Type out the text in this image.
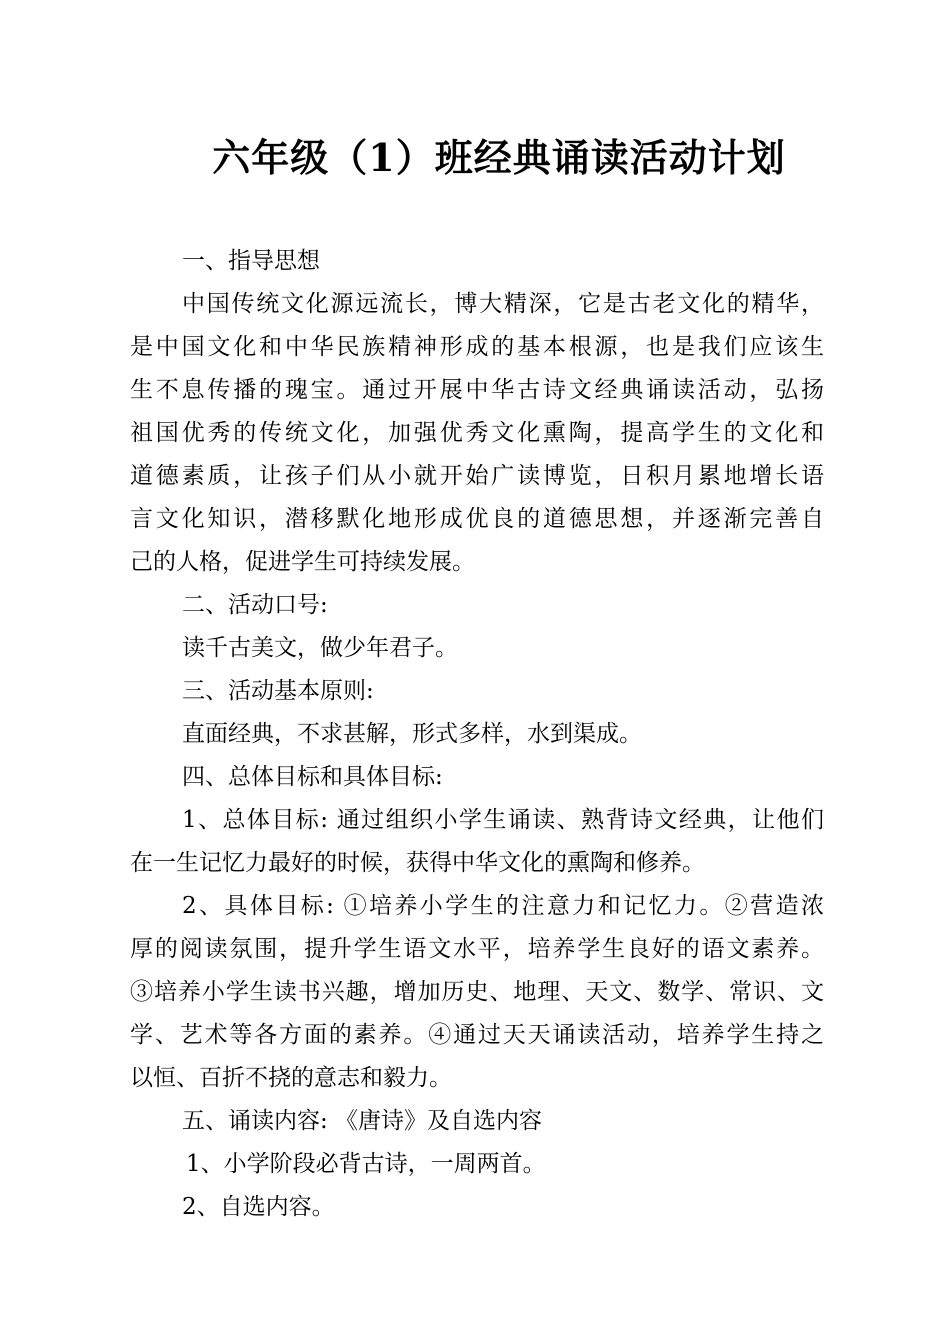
六年级（1）班经典诵读活动计划
一、指导思想
中国传统文化源远流长，博大精深，它是古老文化的精华，
是中国文化和中华民族精神形成的基本根源，也是我们应该生
生不息传播的瑰宝。通过开展中华古诗文经典诵读活动，弘扬
祖国优秀的传统文化，加强优秀文化熏陶，提高学生的文化和
道德素质，让孩子们从小就开始广读博览，日积月累地增长语
言文化知识，潜移默化地形成优良的道德思想，并逐渐完善自
己的人格，促进学生可持续发展。
二、活动口号:
读千古美文，做少年君子。
三、活动基本原则:
直面经典，不求甚解，形式多样，水到渠成。
四、总体目标和具体目标:
1、总体目标: 通过组织小学生诵读、熟背诗文经典，让他们
在一生记忆力最好的时候，获得中华文化的熏陶和修养。
2、具体目标: ①培养小学生的注意力和记忆力。②营造浓
厚的阅读氛围，提升学生语文水平，培养学生良好的语文素养。
③培养小学生读书兴趣，增加历史、地理、天文、数学、常识、文
学、艺术等各方面的素养。④通过天天诵读活动，培养学生持之
以恒、百折不挠的意志和毅力。
五、诵读内容: 《唐诗》及自选内容
1、小学阶段必背古诗，一周两首。
2、自选内容。
